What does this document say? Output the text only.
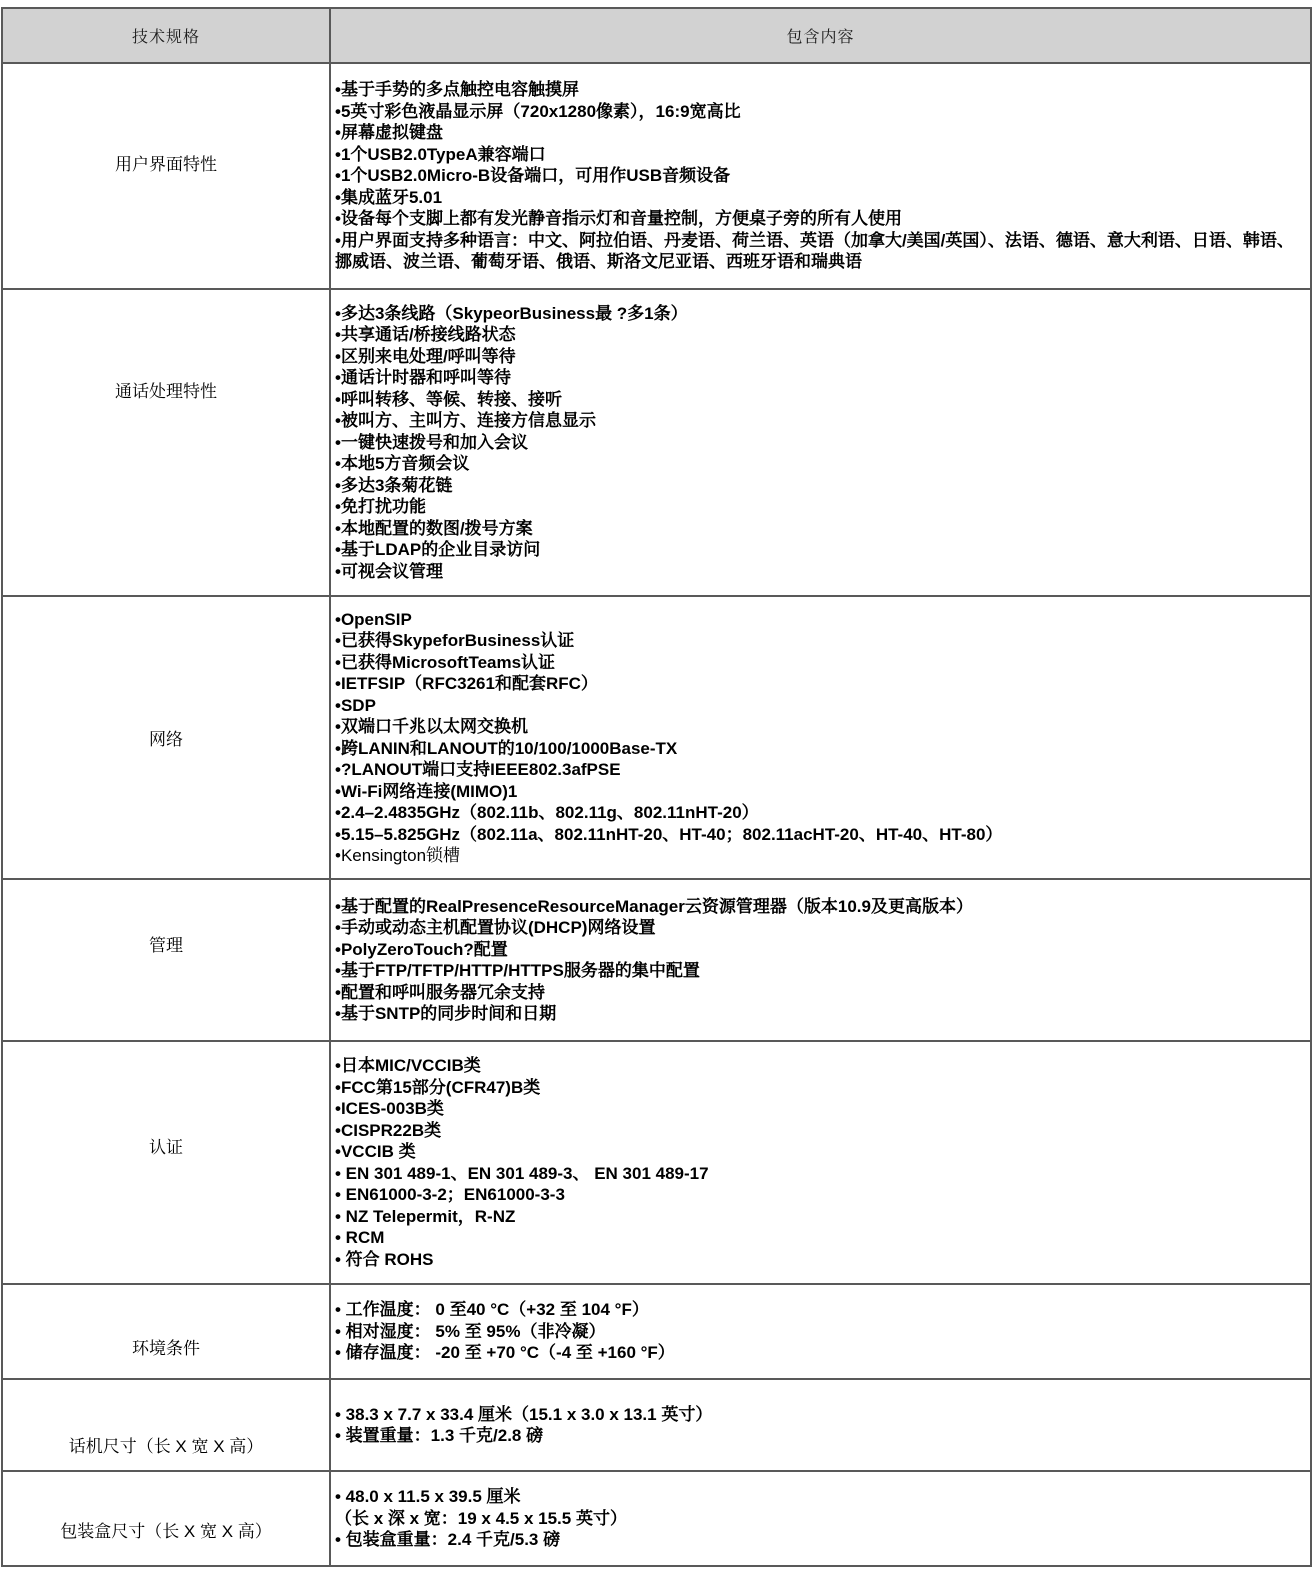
技术规格	包含内容
用户界面特性
•基于手势的多点触控电容触摸屏
•5英寸彩色液晶显示屏（720x1280像素），16:9宽高比
•屏幕虚拟键盘
•1个USB2.0TypeA兼容端口
•1个USB2.0Micro-B设备端口，可用作USB音频设备
•集成蓝牙5.01
•设备每个支脚上都有发光静音指示灯和音量控制，方便桌子旁的所有人使用
•用户界面支持多种语言：中文、阿拉伯语、丹麦语、荷兰语、英语（加拿大/美国/英国）、法语、德语、意大利语、日语、韩语、挪威语、波兰语、葡萄牙语、俄语、斯洛文尼亚语、西班牙语和瑞典语
通话处理特性
•多达3条线路（SkypeorBusiness最 ?多1条）
•共享通话/桥接线路状态
•区别来电处理/呼叫等待
•通话计时器和呼叫等待
•呼叫转移、等候、转接、接听
•被叫方、主叫方、连接方信息显示
•一键快速拨号和加入会议
•本地5方音频会议
•多达3条菊花链
•免打扰功能
•本地配置的数图/拨号方案
•基于LDAP的企业目录访问
•可视会议管理
网络
•OpenSIP
•已获得SkypeforBusiness认证
•已获得MicrosoftTeams认证
•IETFSIP（RFC3261和配套RFC）
•SDP
•双端口千兆以太网交换机
•跨LANIN和LANOUT的10/100/1000Base-TX
•?LANOUT端口支持IEEE802.3afPSE
•Wi-Fi网络连接(MIMO)1
•2.4–2.4835GHz（802.11b、802.11g、802.11nHT-20）
•5.15–5.825GHz（802.11a、802.11nHT-20、HT-40；802.11acHT-20、HT-40、HT-80）
•Kensington锁槽
管理
•基于配置的RealPresenceResourceManager云资源管理器（版本10.9及更高版本）
•手动或动态主机配置协议(DHCP)网络设置
•PolyZeroTouch?配置
•基于FTP/TFTP/HTTP/HTTPS服务器的集中配置
•配置和呼叫服务器冗余支持
•基于SNTP的同步时间和日期
认证
•日本MIC/VCCIB类
•FCC第15部分(CFR47)B类
•ICES-003B类
•CISPR22B类
•VCCIB 类
• EN 301 489-1、EN 301 489-3、 EN 301 489-17
• EN61000-3-2；EN61000-3-3
• NZ Telepermit，R-NZ
• RCM
• 符合 ROHS
环境条件
• 工作温度： 0 至40 °C（+32 至 104 °F）
• 相对湿度： 5% 至 95%（非冷凝）
• 储存温度： -20 至 +70 °C（-4 至 +160 °F）
话机尺寸（长 X 宽 X 高）
• 38.3 x 7.7 x 33.4 厘米（15.1 x 3.0 x 13.1 英寸）
• 装置重量：1.3 千克/2.8 磅
包装盒尺寸（长 X 宽 X 高）
• 48.0 x 11.5 x 39.5 厘米
（长 x 深 x 宽：19 x 4.5 x 15.5 英寸）
• 包装盒重量：2.4 千克/5.3 磅
